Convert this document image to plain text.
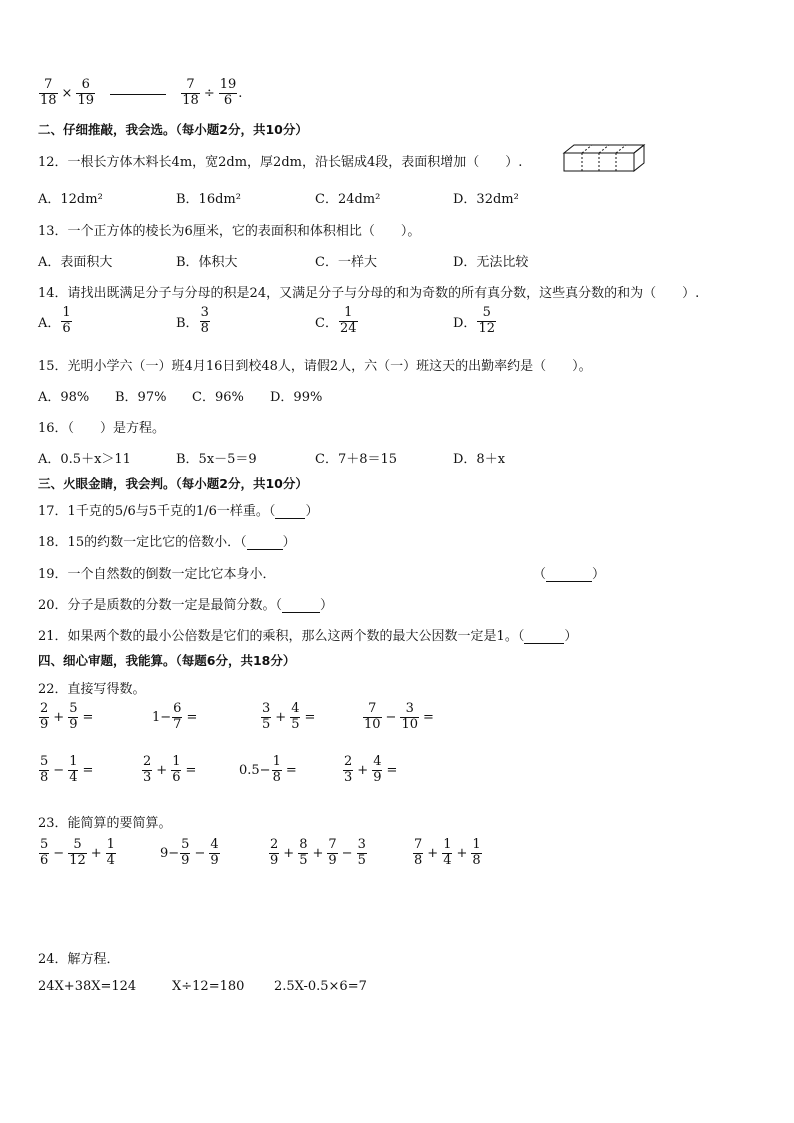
$\frac{7}{18} \times \frac{6}{19}$
	$\frac{7}{18} \div \frac{19}{6}$ .
二、仔细推敲，我会选。（每小题2分，共10分）
12．一根长方体木料长4m，宽2dm，厚2dm，沿长锯成4段，表面积增加（　　）.
A．12dm²	B．16dm²	C．24dm²	D．32dm²
13．一个正方体的棱长为6厘米，它的表面积和体积相比（　　）。
A．表面积大	B．体积大	C．一样大	D．无法比较
14．请找出既满足分子与分母的积是24，又满足分子与分母的和为奇数的所有真分数，这些真分数的和为（　　）.
A． $\frac{1}{6}$	B． $\frac{3}{8}$	C． $\frac{1}{24}$	D． $\frac{5}{12}$
15．光明小学六（一）班4月16日到校48人，请假2人，六（一）班这天的出勤率约是（　　）。
A．98% B．97% C．96% D．99%
16．（　　）是方程。
A．0.5＋x＞11	B．5x－5＝9	C．7＋8＝15	D．8＋x
三、火眼金睛，我会判。（每小题2分，共10分）
17．1千克的5/6与5千克的1/6一样重。（ ）
18．15的约数一定比它的倍数小．（	）
19．一个自然数的倒数一定比它本身小．	（	）
20．分子是质数的分数一定是最简分数。（	）
21．如果两个数的最小公倍数是它们的乘积，那么这两个数的最大公因数一定是1。（	）
四、细心审题，我能算。（每题6分，共18分）
22．直接写得数。
$\frac{2}{9} + \frac{5}{9}$ =	$1- \frac{6}{7}$ =	$\frac{3}{5} + \frac{4}{5}$ =	$\frac{7}{10} - \frac{3}{10}$ =
$\frac{5}{8} - \frac{1}{4}$ =	$\frac{2}{3} + \frac{1}{6}$ =	$0.5- \frac{1}{8}$ =	$\frac{2}{3} + \frac{4}{9}$ =
23．能简算的要简算。
$\frac{5}{6} - \frac{5}{12} + \frac{1}{4}$	$9- \frac{5}{9} - \frac{4}{9}$	$\frac{2}{9} + \frac{8}{5} + \frac{7}{9} - \frac{3}{5}$	$\frac{7}{8} + \frac{1}{4} + \frac{1}{8}$
24．解方程．
24X+38X=124	X÷12=180 2.5X-0.5×6=7
